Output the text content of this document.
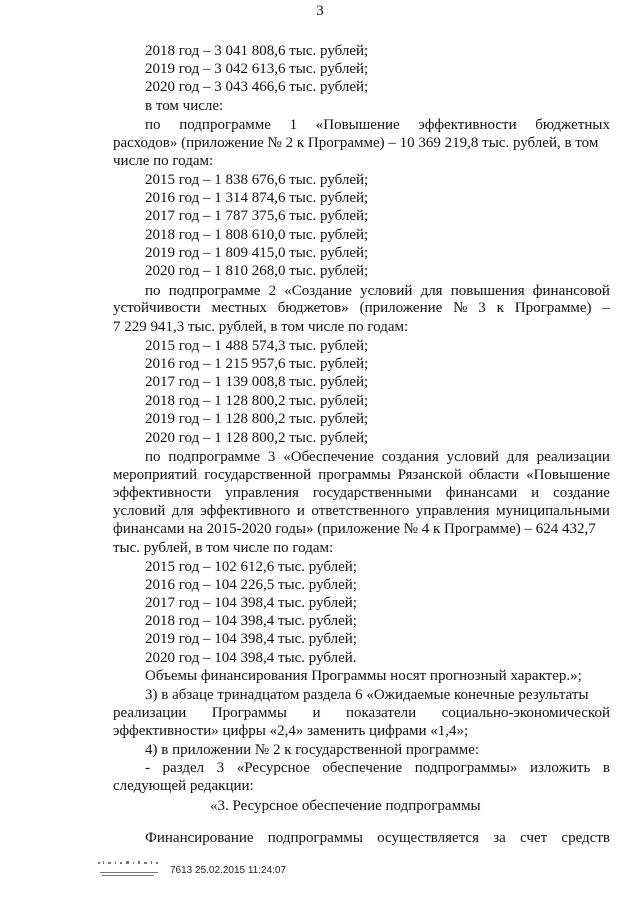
3
2018 год – 3 041 808,6 тыс. рублей;
2019 год – 3 042 613,6 тыс. рублей;
2020 год – 3 043 466,6 тыс. рублей;
в том числе:
по подпрограмме 1 «Повышение эффективности бюджетных
расходов» (приложение № 2 к Программе) – 10 369 219,8 тыс. рублей, в том
числе по годам:
2015 год – 1 838 676,6 тыс. рублей;
2016 год – 1 314 874,6 тыс. рублей;
2017 год – 1 787 375,6 тыс. рублей;
2018 год – 1 808 610,0 тыс. рублей;
2019 год – 1 809 415,0 тыс. рублей;
2020 год – 1 810 268,0 тыс. рублей;
по подпрограмме 2 «Создание условий для повышения финансовой
устойчивости местных бюджетов» (приложение № 3 к Программе) –
7 229 941,3 тыс. рублей, в том числе по годам:
2015 год – 1 488 574,3 тыс. рублей;
2016 год – 1 215 957,6 тыс. рублей;
2017 год – 1 139 008,8 тыс. рублей;
2018 год – 1 128 800,2 тыс. рублей;
2019 год – 1 128 800,2 тыс. рублей;
2020 год – 1 128 800,2 тыс. рублей;
по подпрограмме 3 «Обеспечение создания условий для реализации
мероприятий государственной программы Рязанской области «Повышение
эффективности управления государственными финансами и создание
условий для эффективного и ответственного управления муниципальными
финансами на 2015-2020 годы» (приложение № 4 к Программе) – 624 432,7
тыс. рублей, в том числе по годам:
2015 год – 102 612,6 тыс. рублей;
2016 год – 104 226,5 тыс. рублей;
2017 год – 104 398,4 тыс. рублей;
2018 год – 104 398,4 тыс. рублей;
2019 год – 104 398,4 тыс. рублей;
2020 год – 104 398,4 тыс. рублей.
Объемы финансирования Программы носят прогнозный характер.»;
3) в абзаце тринадцатом раздела 6 «Ожидаемые конечные результаты
реализации Программы и показатели социально-экономической
эффективности» цифры «2,4» заменить цифрами «1,4»;
4) в приложении № 2 к государственной программе:
- раздел 3 «Ресурсное обеспечение подпрограммы» изложить в
следующей редакции:
«3. Ресурсное обеспечение подпрограммы
Финансирование подпрограммы осуществляется за счет средств
7613 25.02.2015 11:24:07
